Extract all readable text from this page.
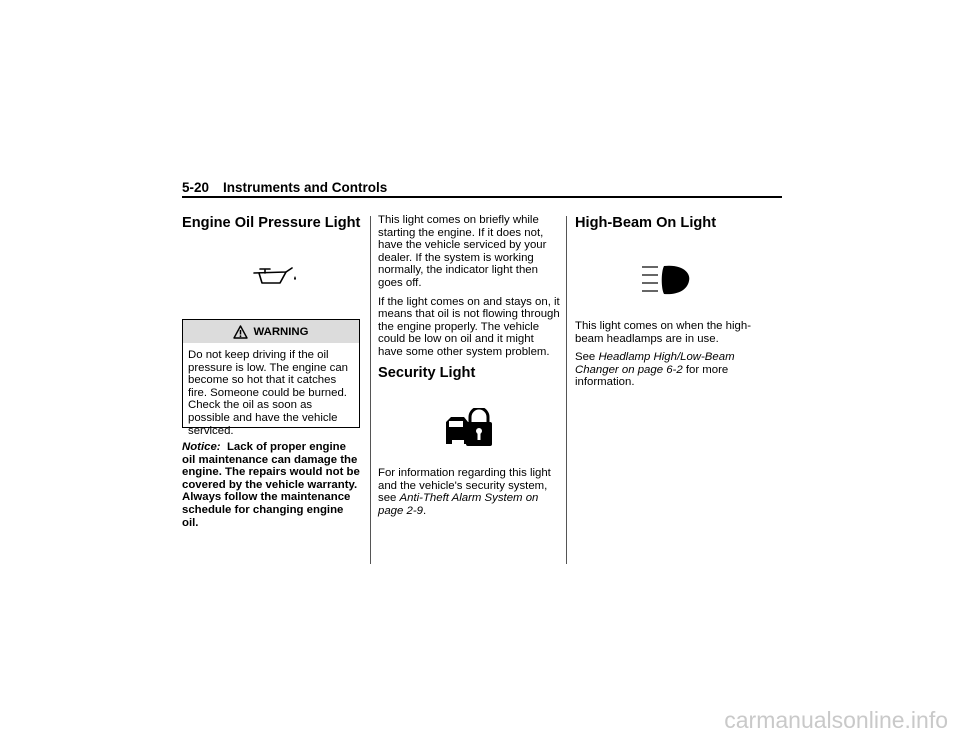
5-20 Instruments and Controls
Engine Oil Pressure Light
WARNING
Do not keep driving if the oil pressure is low. The engine can become so hot that it catches fire. Someone could be burned. Check the oil as soon as possible and have the vehicle serviced.

Notice: Lack of proper engine oil maintenance can damage the engine. The repairs would not be covered by the vehicle warranty. Always follow the maintenance schedule for changing engine oil.

This light comes on briefly while starting the engine. If it does not, have the vehicle serviced by your dealer. If the system is working normally, the indicator light then goes off.

If the light comes on and stays on, it means that oil is not flowing through the engine properly. The vehicle could be low on oil and it might have some other system problem.

Security Light

For information regarding this light and the vehicle's security system, see Anti-Theft Alarm System on page 2-9.

High-Beam On Light

This light comes on when the high-beam headlamps are in use.

See Headlamp High/Low-Beam Changer on page 6-2 for more information.

carmanualsonline.info
